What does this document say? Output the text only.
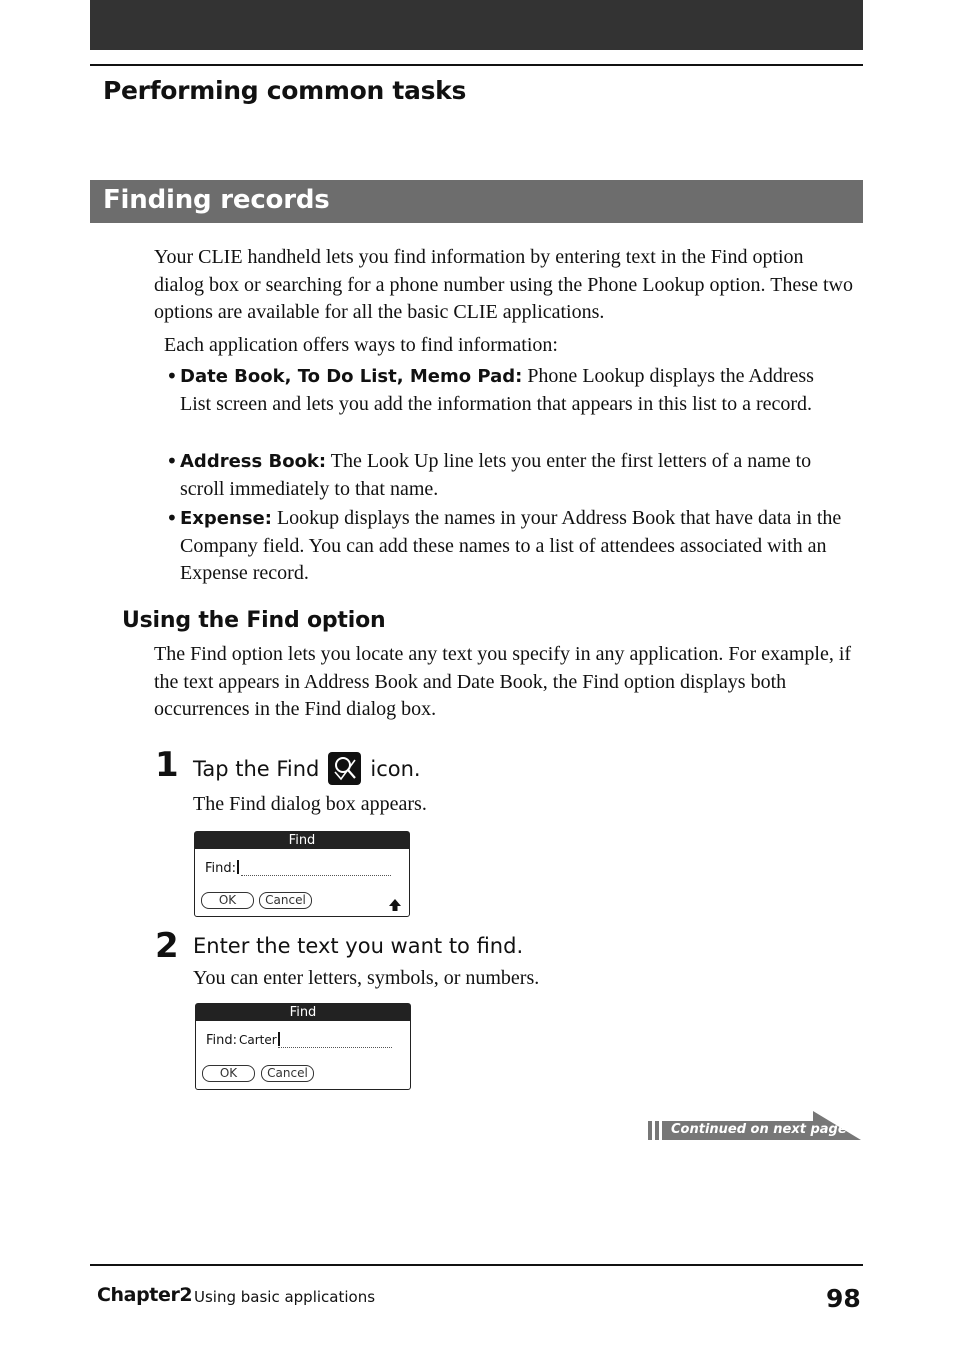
Performing common tasks
Finding records
Your CLIE handheld lets you find information by entering text in the Find option dialog box or searching for a phone number using the Phone Lookup option. These two options are available for all the basic CLIE applications.
Each application offers ways to find information:
• Date Book, To Do List, Memo Pad: Phone Lookup displays the Address List screen and lets you add the information that appears in this list to a record.
• Address Book: The Look Up line lets you enter the first letters of a name to scroll immediately to that name.
• Expense: Lookup displays the names in your Address Book that have data in the Company field. You can add these names to a list of attendees associated with an Expense record.
Using the Find option
The Find option lets you locate any text you specify in any application. For example, if the text appears in Address Book and Date Book, the Find option displays both occurrences in the Find dialog box.
1 Tap the Find icon.
The Find dialog box appears.
Find
Find:
OK	Cancel
2 Enter the text you want to find.
You can enter letters, symbols, or numbers.
Find
Find: Carter
OK	Cancel
Continued on next page
Chapter2 Using basic applications	98
